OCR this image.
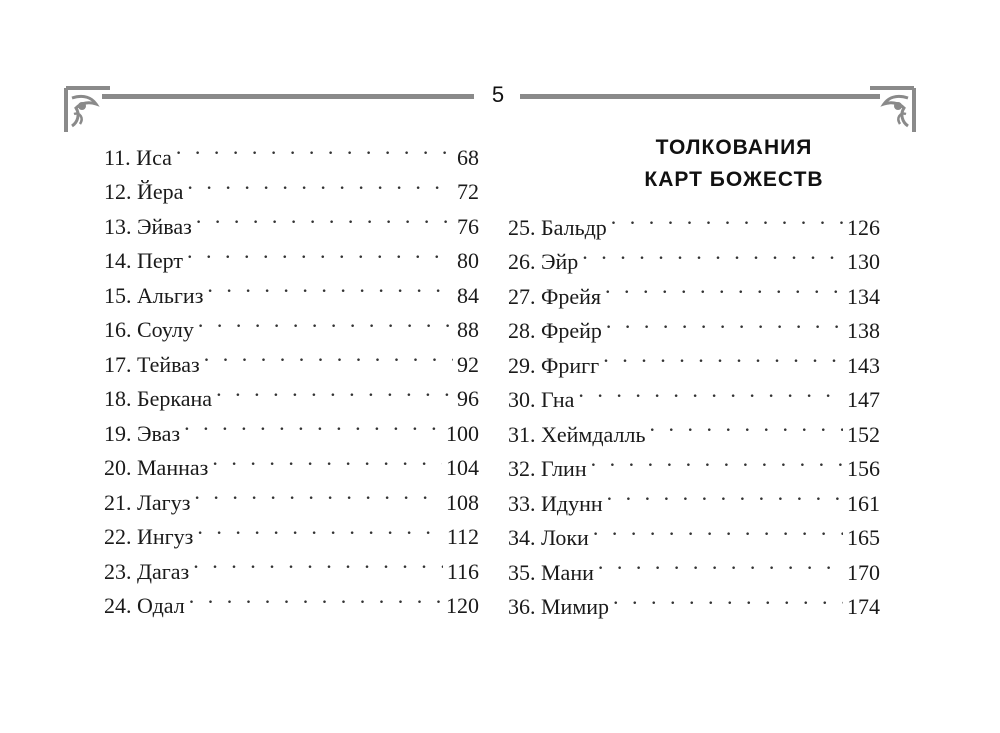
5
11. Иса . . .	68
12. Йера . . .	72
13. Эйваз . . .	76
14. Перт . . .	80
15. Альгиз . . .	84
16. Соулу . . .	88
17. Тейваз . . .	92
18. Беркана . . .	96
19. Эваз . . .	100
20. Манназ . . .	104
21. Лагуз . . .	108
22. Ингуз . . .	112
23. Дагаз . . .	116
24. Одал . . .	120
ТОЛКОВАНИЯ
КАРТ БОЖЕСТВ
25. Бальдр . . .	126
26. Эйр . . .	130
27. Фрейя . . .	134
28. Фрейр . . .	138
29. Фригг . . .	143
30. Гна . . .	147
31. Хеймдалль . . .	152
32. Глин . . .	156
33. Идунн . . .	161
34. Локи . . .	165
35. Мани . . .	170
36. Мимир . . .	174
